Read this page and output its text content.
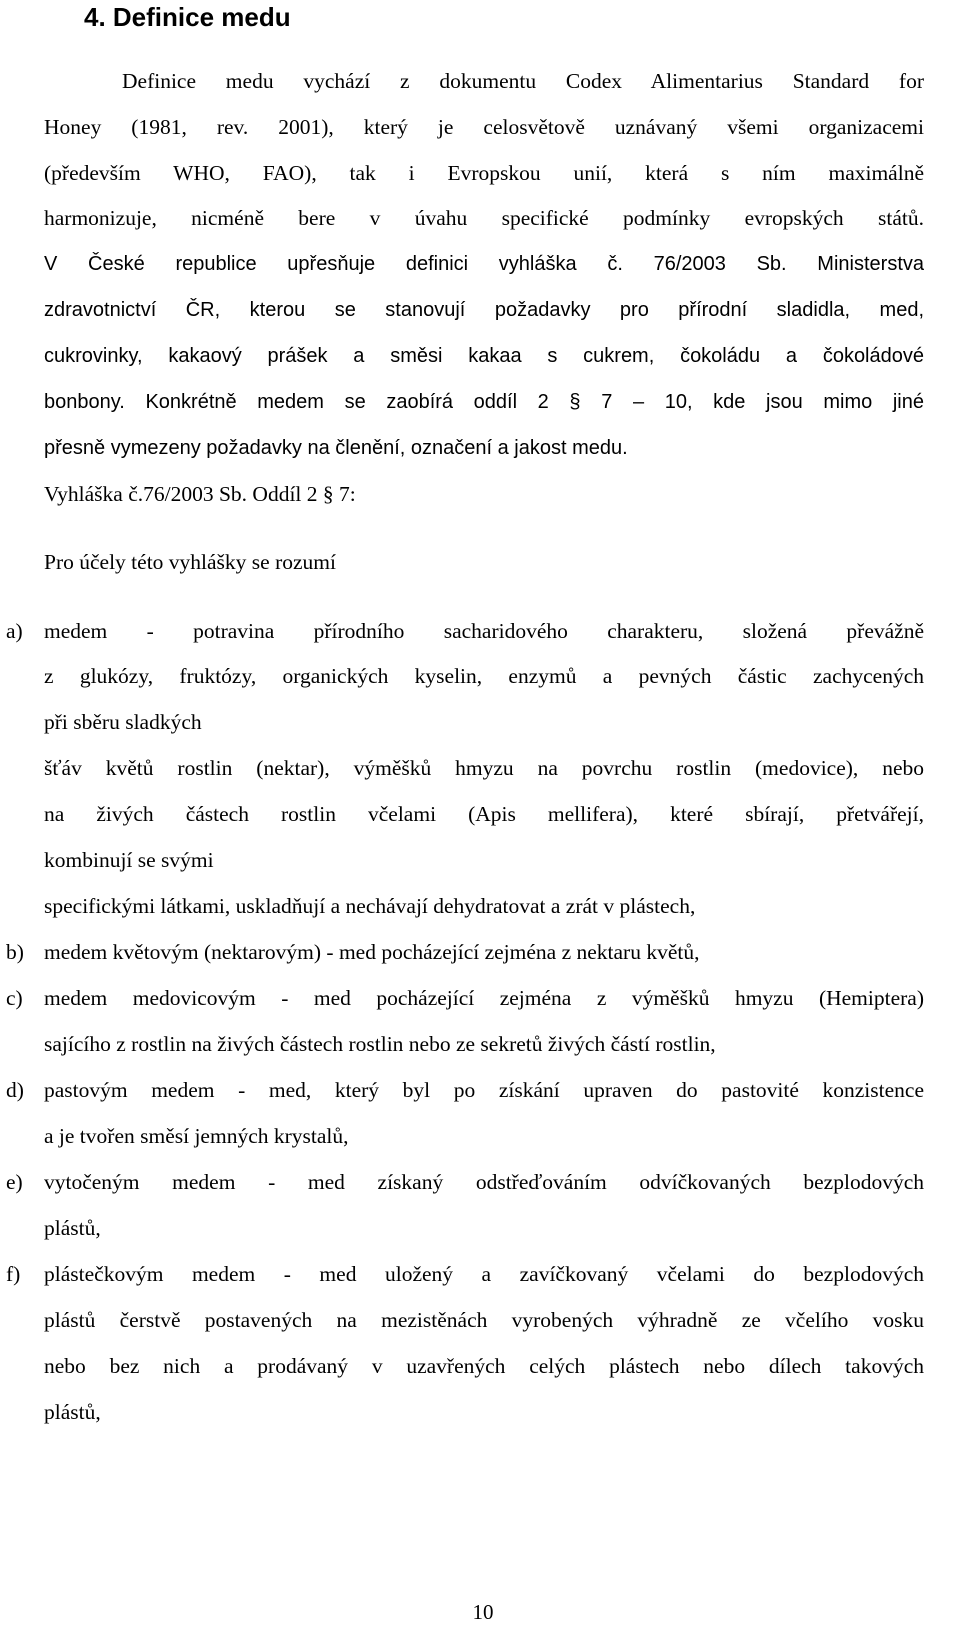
4. Definice medu
Definice medu vychází z dokumentu Codex Alimentarius Standard for
Honey (1981, rev. 2001), který je celosvětově uznávaný všemi organizacemi
(především WHO, FAO), tak i Evropskou unií, která s ním maximálně
harmonizuje, nicméně bere v úvahu specifické podmínky evropských států.
V České republice upřesňuje definici vyhláška č. 76/2003 Sb. Ministerstva
zdravotnictví ČR, kterou se stanovují požadavky pro přírodní sladidla, med,
cukrovinky, kakaový prášek a směsi kakaa s cukrem, čokoládu a čokoládové
bonbony. Konkrétně medem se zaobírá oddíl 2 § 7 – 10, kde jsou mimo jiné
přesně vymezeny požadavky na členění, označení a jakost medu.
Vyhláška č.76/2003 Sb. Oddíl 2 § 7:
Pro účely této vyhlášky se rozumí
a) medem - potravina přírodního sacharidového charakteru, složená převážně
z glukózy, fruktózy, organických kyselin, enzymů a pevných částic zachycených
při sběru sladkých
šťáv květů rostlin (nektar), výměšků hmyzu na povrchu rostlin (medovice), nebo
na živých částech rostlin včelami (Apis mellifera), které sbírají, přetvářejí,
kombinují se svými
specifickými látkami, uskladňují a nechávají dehydratovat a zrát v plástech,
b) medem květovým (nektarovým) - med pocházející zejména z nektaru květů,
c) medem medovicovým - med pocházející zejména z výměšků hmyzu (Hemiptera)
sajícího z rostlin na živých částech rostlin nebo ze sekretů živých částí rostlin,
d) pastovým medem - med, který byl po získání upraven do pastovité konzistence
a je tvořen směsí jemných krystalů,
e) vytočeným medem - med získaný odstřeďováním odvíčkovaných bezplodových
plástů,
f) plástečkovým medem - med uložený a zavíčkovaný včelami do bezplodových
plástů čerstvě postavených na mezistěnách vyrobených výhradně ze včelího vosku
nebo bez nich a prodávaný v uzavřených celých plástech nebo dílech takových
plástů,
10
